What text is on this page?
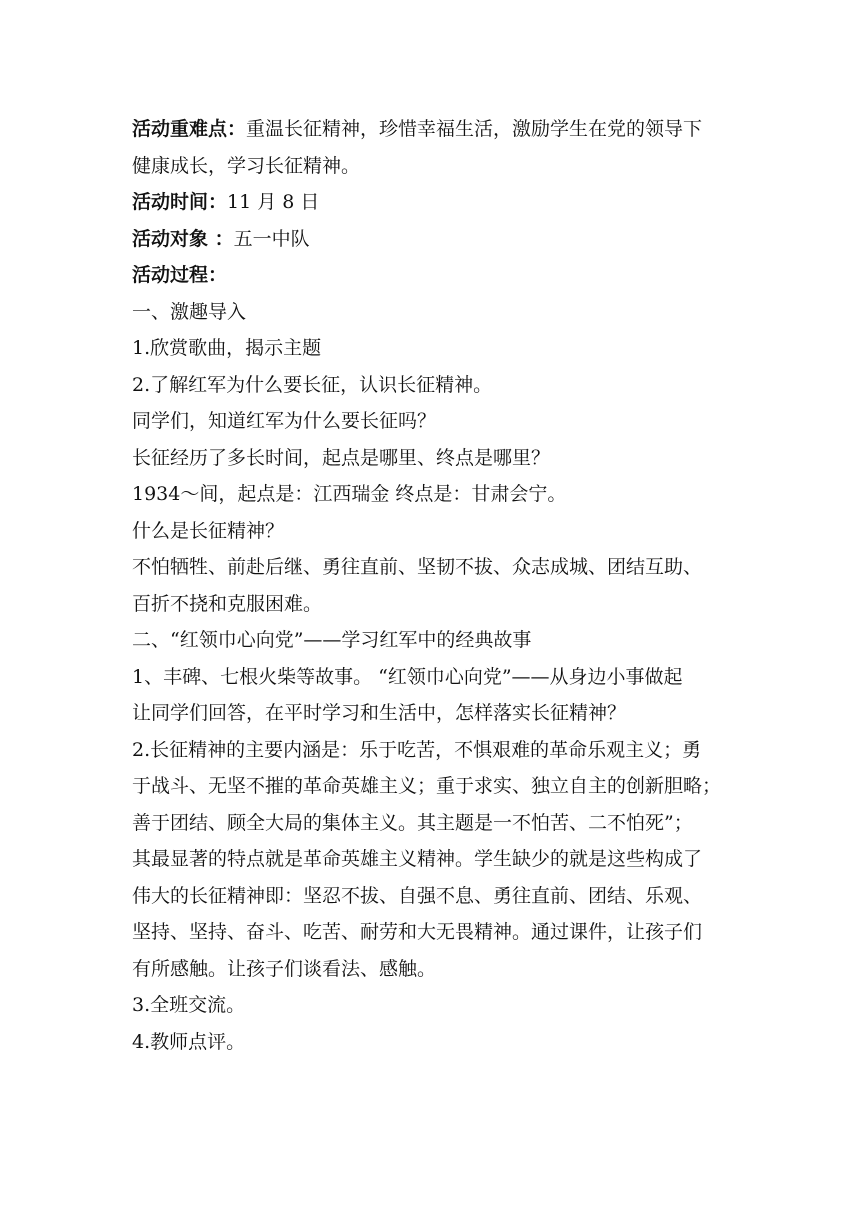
活动重难点：重温长征精神，珍惜幸福生活，激励学生在党的领导下
健康成长，学习长征精神。
活动时间：11 月 8 日
活动对象 ：五一中队
活动过程：
一、激趣导入
1.欣赏歌曲，揭示主题
2.了解红军为什么要长征，认识长征精神。
同学们，知道红军为什么要长征吗？
长征经历了多长时间，起点是哪里、终点是哪里？
1934～间，起点是：江西瑞金 终点是：甘肃会宁。
什么是长征精神？
不怕牺牲、前赴后继、勇往直前、坚韧不拔、众志成城、团结互助、
百折不挠和克服困难。
二、“红领巾心向党”——学习红军中的经典故事
1、丰碑、七根火柴等故事。 “红领巾心向党”——从身边小事做起
让同学们回答，在平时学习和生活中，怎样落实长征精神？
2.长征精神的主要内涵是：乐于吃苦，不惧艰难的革命乐观主义；勇
于战斗、无坚不摧的革命英雄主义；重于求实、独立自主的创新胆略；
善于团结、顾全大局的集体主义。其主题是一不怕苦、二不怕死”；
其最显著的特点就是革命英雄主义精神。学生缺少的就是这些构成了
伟大的长征精神即：坚忍不拔、自强不息、勇往直前、团结、乐观、
坚持、坚持、奋斗、吃苦、耐劳和大无畏精神。通过课件，让孩子们
有所感触。让孩子们谈看法、感触。
3.全班交流。
4.教师点评。
